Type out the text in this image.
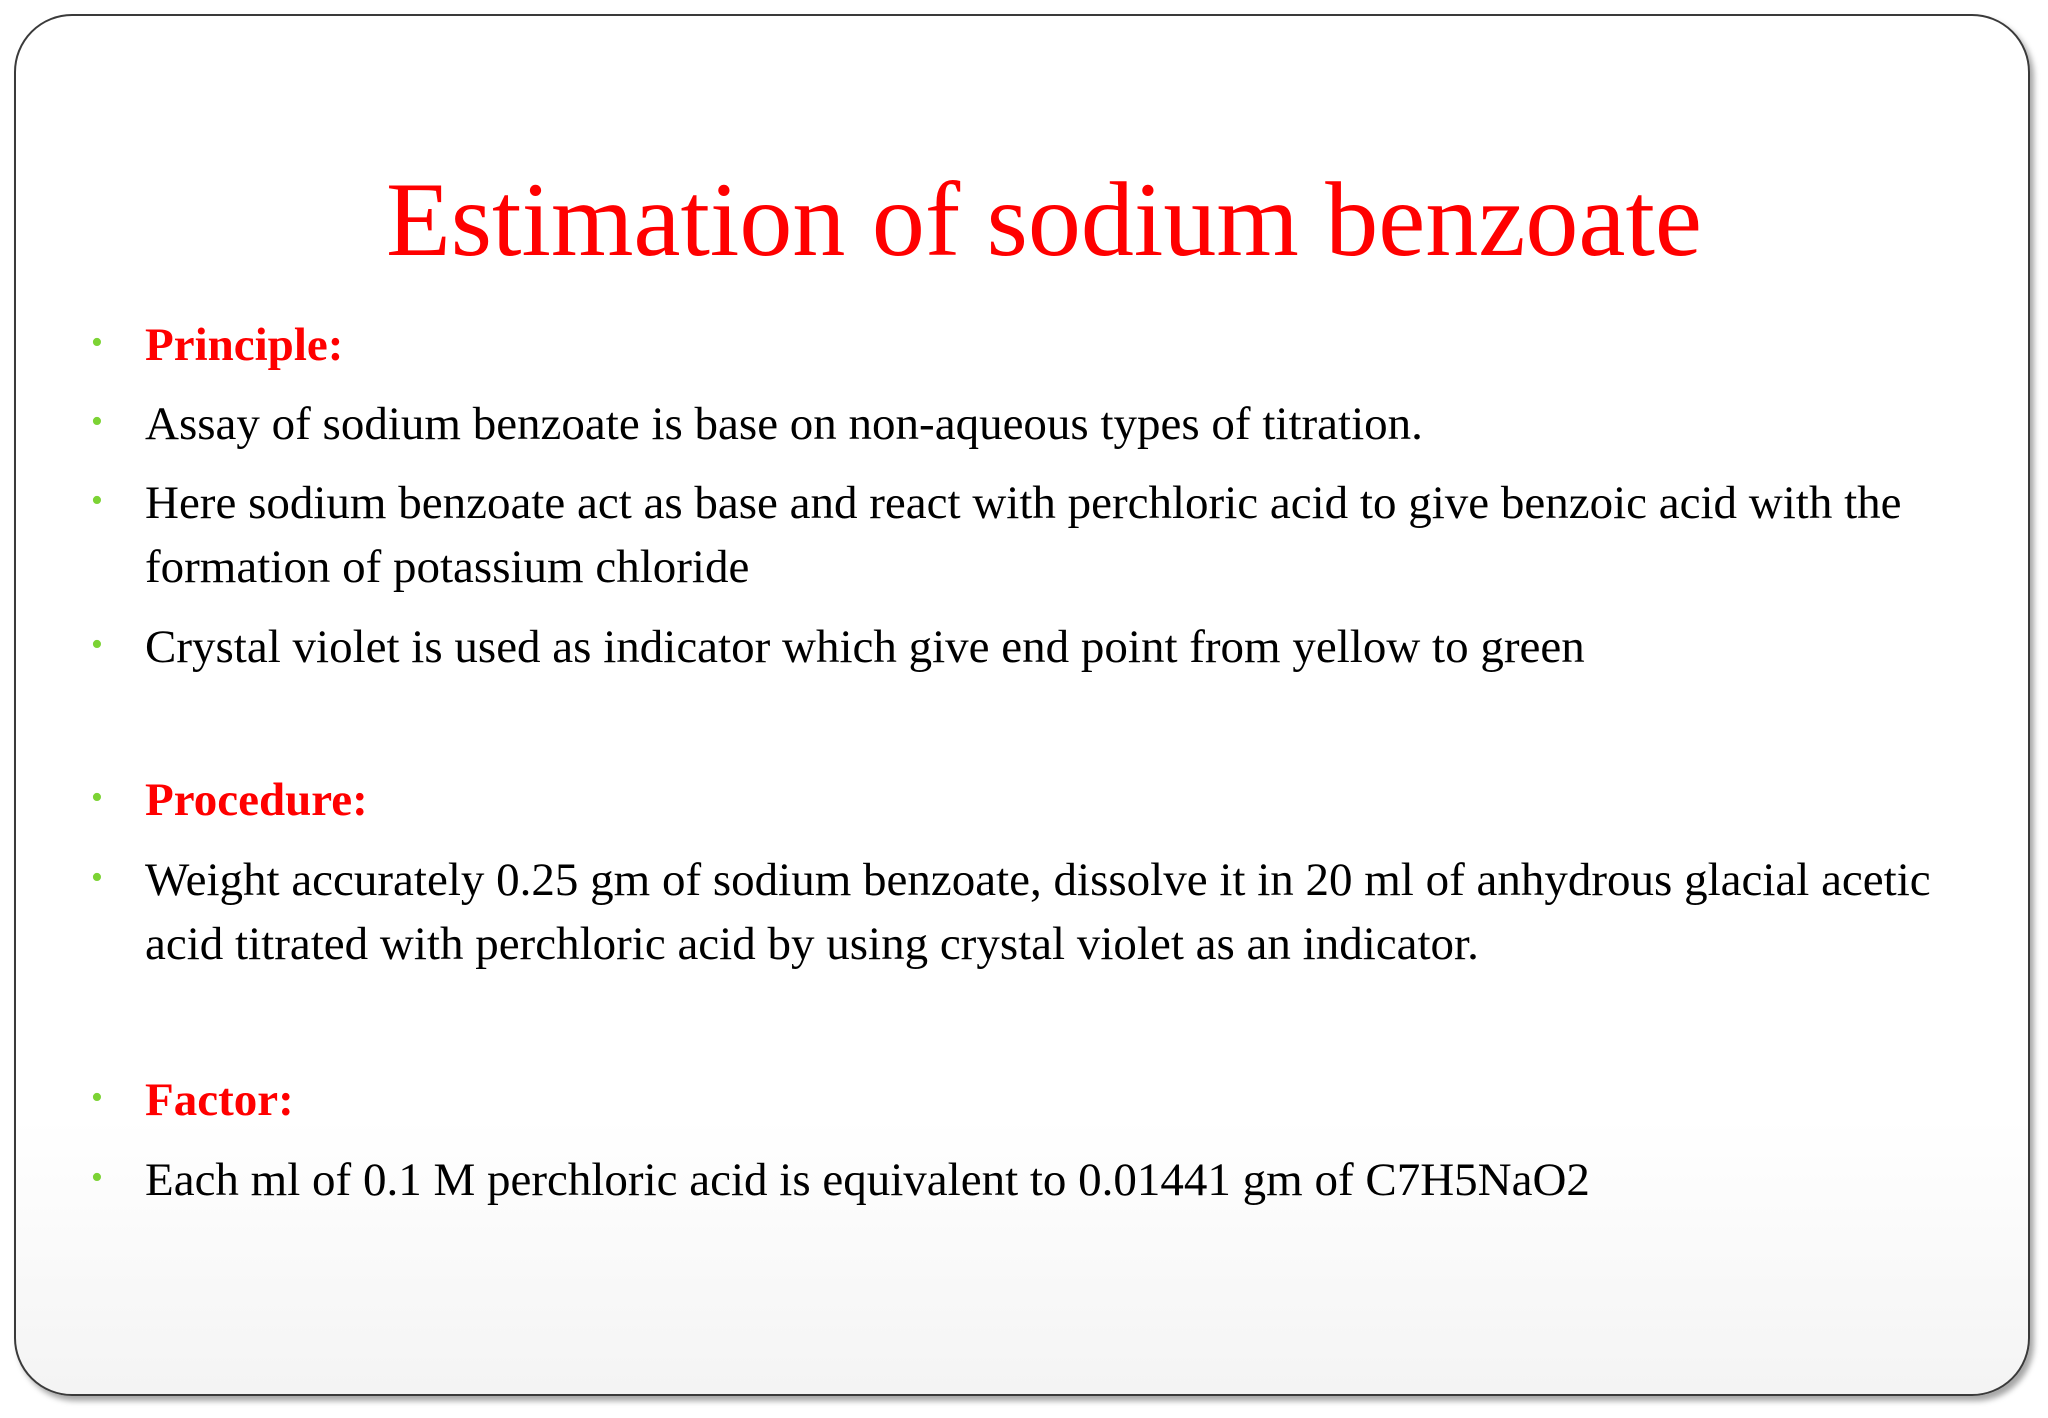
Estimation of sodium benzoate
• Principle:
• Assay of sodium benzoate is base on non-aqueous types of titration.
• Here sodium benzoate act as base and react with perchloric acid to give benzoic acid with the formation of potassium chloride
• Crystal violet is used as indicator which give end point from yellow to green
• Procedure:
• Weight accurately 0.25 gm of sodium benzoate, dissolve it in 20 ml of anhydrous glacial acetic acid titrated with perchloric acid by using crystal violet as an indicator.
• Factor:
• Each ml of 0.1 M perchloric acid is equivalent to 0.01441 gm of C7H5NaO2
